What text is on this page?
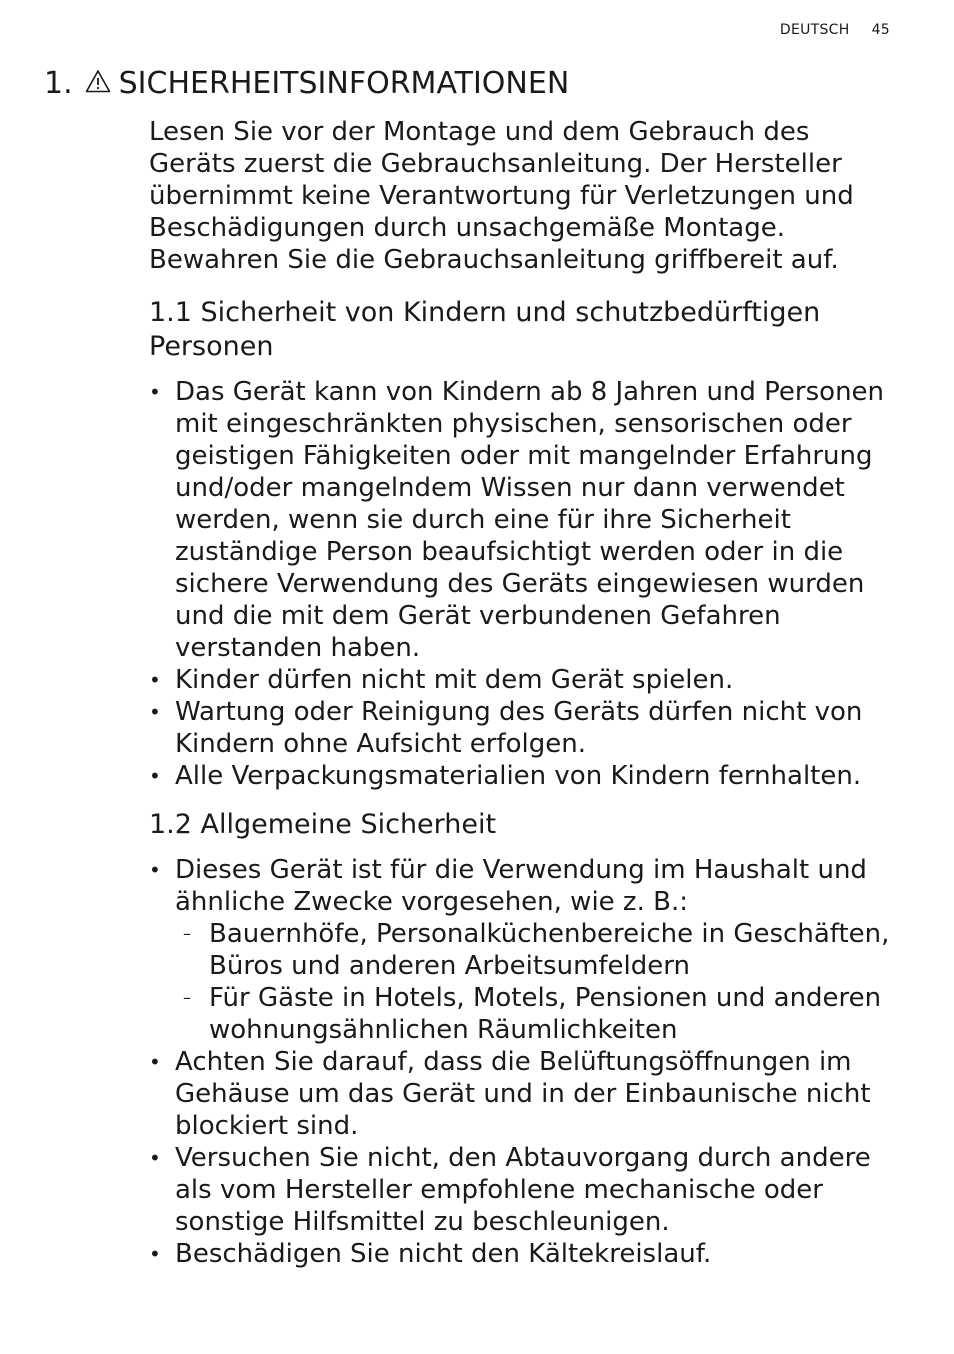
DEUTSCH 45
1. SICHERHEITSINFORMATIONEN

Lesen Sie vor der Montage und dem Gebrauch des Geräts zuerst die Gebrauchsanleitung. Der Hersteller übernimmt keine Verantwortung für Verletzungen und Beschädigungen durch unsachgemäße Montage. Bewahren Sie die Gebrauchsanleitung griffbereit auf.

1.1 Sicherheit von Kindern und schutzbedürftigen Personen
• Das Gerät kann von Kindern ab 8 Jahren und Personen mit eingeschränkten physischen, sensorischen oder geistigen Fähigkeiten oder mit mangelnder Erfahrung und/oder mangelndem Wissen nur dann verwendet werden, wenn sie durch eine für ihre Sicherheit zuständige Person beaufsichtigt werden oder in die sichere Verwendung des Geräts eingewiesen wurden und die mit dem Gerät verbundenen Gefahren verstanden haben.
• Kinder dürfen nicht mit dem Gerät spielen.
• Wartung oder Reinigung des Geräts dürfen nicht von Kindern ohne Aufsicht erfolgen.
• Alle Verpackungsmaterialien von Kindern fernhalten.
1.2 Allgemeine Sicherheit
• Dieses Gerät ist für die Verwendung im Haushalt und ähnliche Zwecke vorgesehen, wie z. B.:
– Bauernhöfe, Personalküchenbereiche in Geschäften, Büros und anderen Arbeitsumfeldern
– Für Gäste in Hotels, Motels, Pensionen und anderen wohnungsähnlichen Räumlichkeiten
• Achten Sie darauf, dass die Belüftungsöffnungen im Gehäuse um das Gerät und in der Einbaunische nicht blockiert sind.
• Versuchen Sie nicht, den Abtauvorgang durch andere als vom Hersteller empfohlene mechanische oder sonstige Hilfsmittel zu beschleunigen.
• Beschädigen Sie nicht den Kältekreislauf.
